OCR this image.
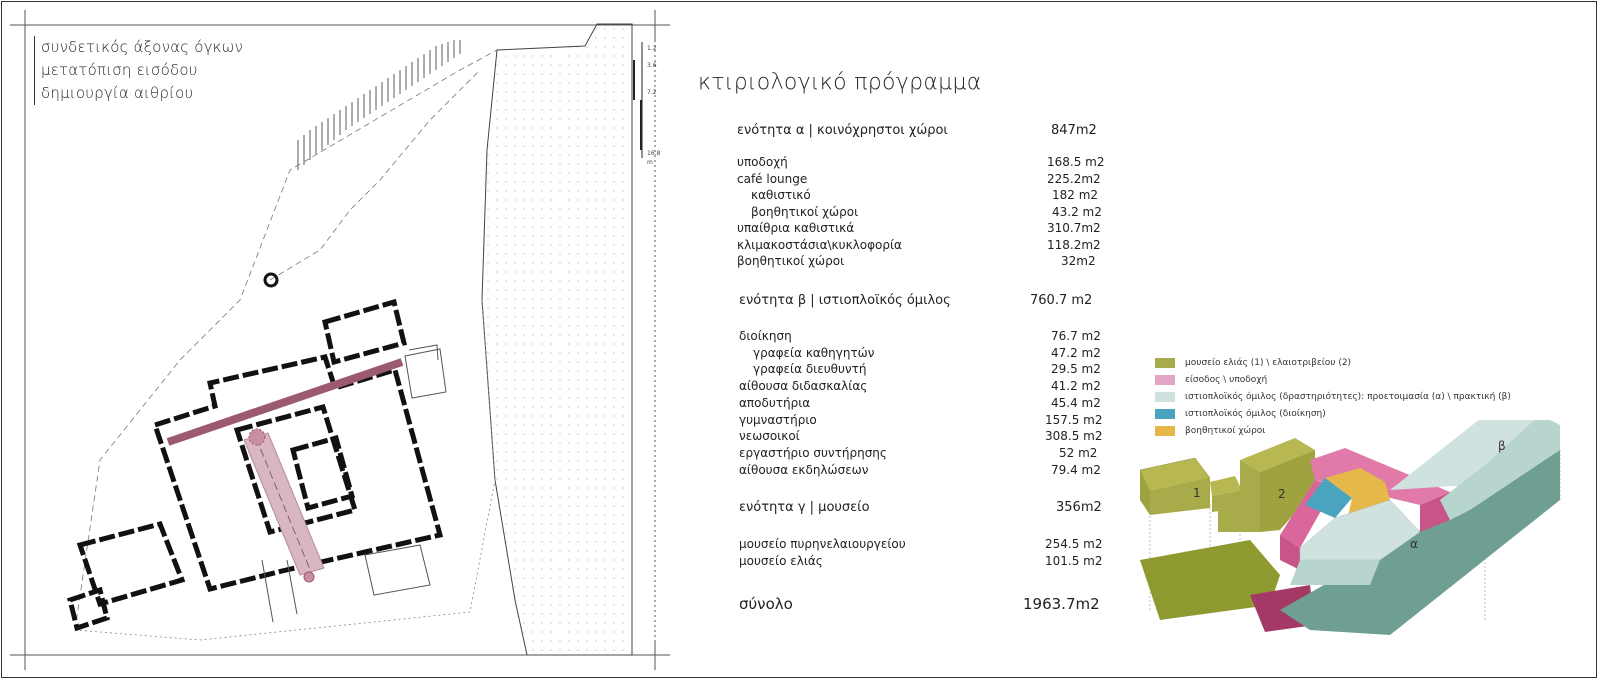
1.2
3.6
7.2
16.8
m
συνδετικός άξονας όγκων
μετατόπιση εισόδου
δημιουργία αιθρίου	κτιριολογικό πρόγραμμα
ενότητα α | κοινόχρηστοι χώροι	847m2
υποδοχή	168.5 m2
café lounge	225.2m2
καθιστικό	182 m2
βοηθητικοί χώροι	43.2 m2
υπαίθρια καθιστικά	310.7m2
κλιμακοστάσια\κυκλοφορία	118.2m2
βοηθητικοί χώροι	32m2
ενότητα β | ιστιοπλοϊκός όμιλος	760.7 m2
διοίκηση	76.7 m2
γραφεία καθηγητών	47.2 m2
γραφεία διευθυντή	29.5 m2
αίθουσα διδασκαλίας	41.2 m2
αποδυτήρια	45.4 m2
γυμναστήριο	157.5 m2
νεωσοικοί	308.5 m2
εργαστήριο συντήρησης	52 m2
αίθουσα εκδηλώσεων	79.4 m2
ενότητα γ | μουσείο	356m2
μουσείο πυρηνελαιουργείου	254.5 m2
μουσείο ελιάς	101.5 m2
σύνολο	1963.7m2
μουσείο ελιάς (1) \ ελαιοτριβείου (2)
είσοδος \ υποδοχή
ιστιοπλοϊκός όμιλος (δραστηριότητες): προετοιμασία (α) \ πρακτική (β)
ιστιοπλοϊκός όμιλος (διοίκηση)
βοηθητικοί χώροι
1	2
α
β
